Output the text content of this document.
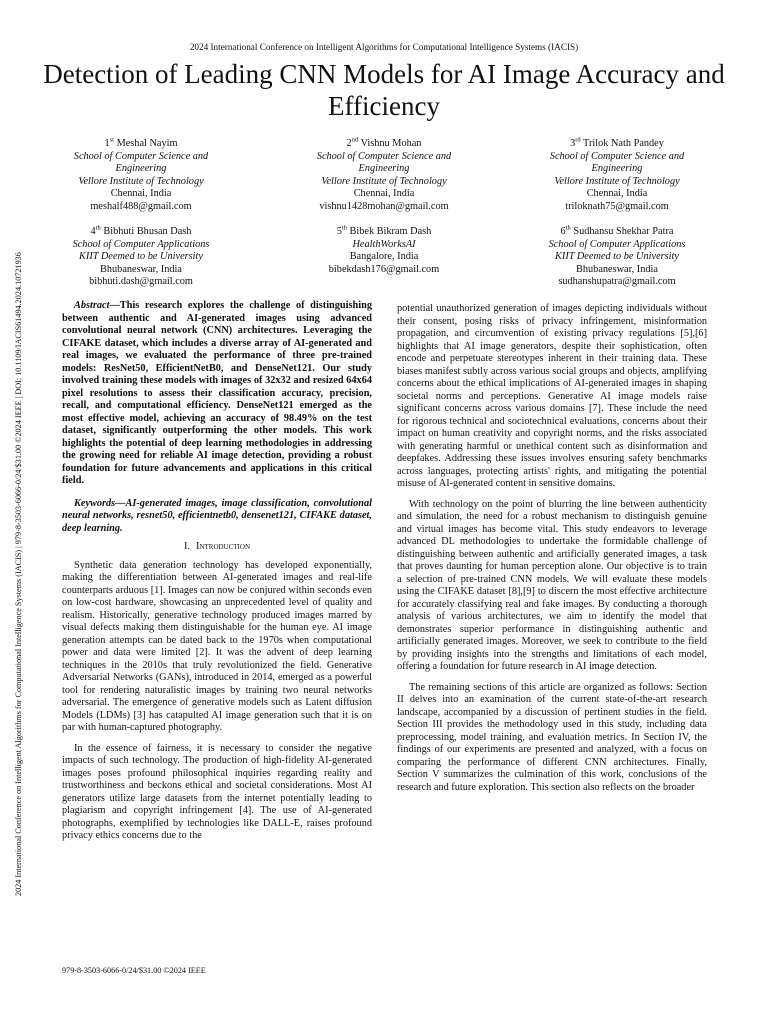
2024 International Conference on Intelligent Algorithms for Computational Intelligence Systems (IACIS)
Detection of Leading CNN Models for AI Image Accuracy and Efficiency
2024 International Conference on Intelligent Algorithms for Computational Intelligence Systems (IACIS) | 979-8-3503-6066-0/24/$31.00 ©2024 IEEE | DOI: 10.1109/IACIS61494.2024.10721936
1st Meshal Nayim
School of Computer Science and
Engineering
Vellore Institute of Technology
Chennai, India
meshalf488@gmail.com
2nd Vishnu Mohan
School of Computer Science and
Engineering
Vellore Institute of Technology
Chennai, India
vishnu1428mohan@gmail.com
3rd Trilok Nath Pandey
School of Computer Science and
Engineering
Vellore Institute of Technology
Chennai, India
triloknath75@gmail.com
4th Bibhuti Bhusan Dash
School of Computer Applications
KIIT Deemed to be University
Bhubaneswar, India
bibhuti.dash@gmail.com
5th Bibek Bikram Dash
HealthWorksAI
Bangalore, India
bibekdash176@gmail.com
6th Sudhansu Shekhar Patra
School of Computer Applications
KIIT Deemed to be University
Bhubaneswar, India
sudhanshupatra@gmail.com

Abstract—This research explores the challenge of distinguishing between authentic and AI-generated images using advanced convolutional neural network (CNN) architectures. Leveraging the CIFAKE dataset, which includes a diverse array of AI-generated and real images, we evaluated the performance of three pre-trained models: ResNet50, EfficientNetB0, and DenseNet121. Our study involved training these models with images of 32x32 and resized 64x64 pixel resolutions to assess their classification accuracy, precision, recall, and computational efficiency. DenseNet121 emerged as the most effective model, achieving an accuracy of 98.49% on the test dataset, significantly outperforming the other models. This work highlights the potential of deep learning methodologies in addressing the growing need for reliable AI image detection, providing a robust foundation for future advancements and applications in this critical field.

Keywords—AI-generated images, image classification, convolutional neural networks, resnet50, efficientnetb0, densenet121, CIFAKE dataset, deep learning.

I. Introduction

Synthetic data generation technology has developed exponentially, making the differentiation between AI-generated images and real-life counterparts arduous [1]. Images can now be conjured within seconds even on low-cost hardware, showcasing an unprecedented level of quality and realism. Historically, generative technology produced images marred by visual defects making them distinguishable for the human eye. AI image generation attempts can be dated back to the 1970s when computational power and data were limited [2]. It was the advent of deep learning techniques in the 2010s that truly revolutionized the field. Generative Adversarial Networks (GANs), introduced in 2014, emerged as a powerful tool for rendering naturalistic images by training two neural networks adversarial. The emergence of generative models such as Latent diffusion Models (LDMs) [3] has catapulted AI image generation such that it is on par with human-captured photography.

In the essence of fairness, it is necessary to consider the negative impacts of such technology. The production of high-fidelity AI-generated images poses profound philosophical inquiries regarding reality and trustworthiness and beckons ethical and societal considerations. Most AI generators utilize large datasets from the internet potentially leading to plagiarism and copyright infringement [4]. The use of AI-generated photographs, exemplified by technologies like DALL-E, raises profound privacy ethics concerns due to the

potential unauthorized generation of images depicting individuals without their consent, posing risks of privacy infringement, misinformation propagation, and circumvention of existing privacy regulations [5],[6] highlights that AI image generators, despite their sophistication, often encode and perpetuate stereotypes inherent in their training data. These biases manifest subtly across various social groups and objects, amplifying concerns about the ethical implications of AI-generated images in shaping societal norms and perceptions. Generative AI image models raise significant concerns across various domains [7]. These include the need for rigorous technical and sociotechnical evaluations, concerns about their impact on human creativity and copyright norms, and the risks associated with generating harmful or unethical content such as disinformation and deepfakes. Addressing these issues involves ensuring safety benchmarks across languages, protecting artists' rights, and mitigating the potential misuse of AI-generated content in sensitive domains.

With technology on the point of blurring the line between authenticity and simulation, the need for a robust mechanism to distinguish genuine and virtual images has become vital. This study endeavors to leverage advanced DL methodologies to undertake the formidable challenge of distinguishing between authentic and artificially generated images, a task that proves daunting for human perception alone. Our objective is to train a selection of pre-trained CNN models. We will evaluate these models using the CIFAKE dataset [8],[9] to discern the most effective architecture for accurately classifying real and fake images. By conducting a thorough analysis of various architectures, we aim to identify the model that demonstrates superior performance in distinguishing authentic and artificially generated images. Moreover, we seek to contribute to the field by providing insights into the strengths and limitations of each model, offering a foundation for future research in AI image detection.

The remaining sections of this article are organized as follows: Section II delves into an examination of the current state-of-the-art research landscape, accompanied by a discussion of pertinent studies in the field. Section III provides the methodology used in this study, including data preprocessing, model training, and evaluation metrics. In Section IV, the findings of our experiments are presented and analyzed, with a focus on comparing the performance of different CNN architectures. Finally, Section V summarizes the culmination of this work, conclusions of the research and future exploration. This section also reflects on the broader

979-8-3503-6066-0/24/$31.00 ©2024 IEEE
